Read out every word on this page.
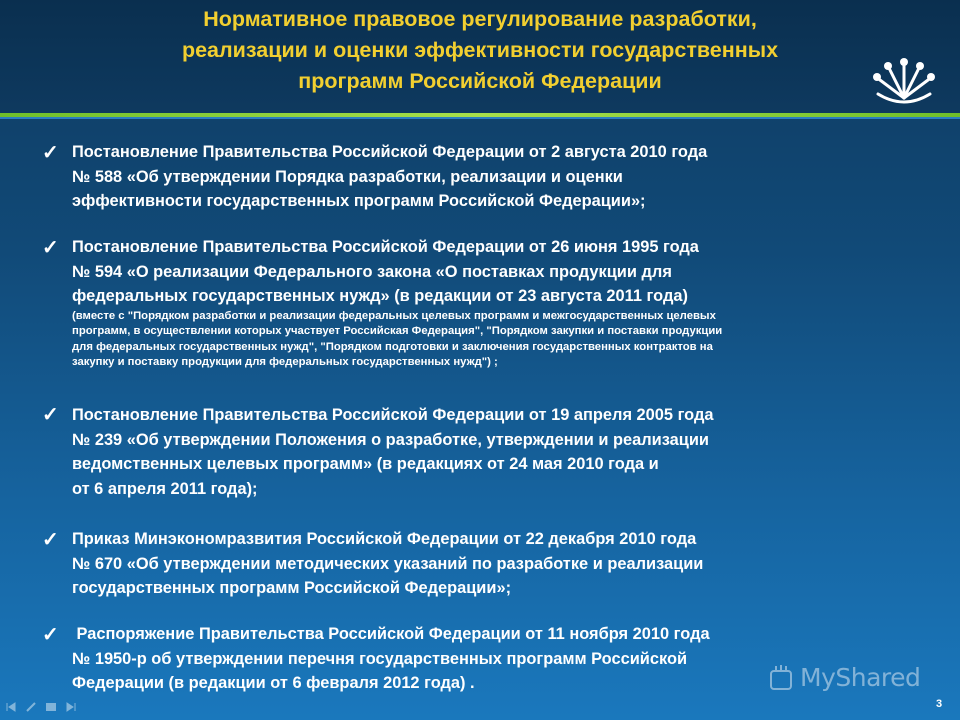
Нормативное правовое регулирование разработки,
реализации и оценки эффективности государственных
программ Российской Федерации
✓ Постановление Правительства Российской Федерации от 2 августа 2010 года
№ 588 «Об утверждении Порядка разработки, реализации и оценки
эффективности государственных программ Российской Федерации»;

✓ Постановление Правительства Российской Федерации от 26 июня 1995 года
№ 594 «О реализации Федерального закона «О поставках продукции для
федеральных государственных нужд» (в редакции от 23 августа 2011 года)

(вместе с "Порядком разработки и реализации федеральных целевых программ и межгосударственных целевых
программ, в осуществлении которых участвует Российская Федерация", "Порядком закупки и поставки продукции
для федеральных государственных нужд", "Порядком подготовки и заключения государственных контрактов на
закупку и поставку продукции для федеральных государственных нужд") ;

✓ Постановление Правительства Российской Федерации от 19 апреля 2005 года
№ 239 «Об утверждении Положения о разработке, утверждении и реализации
ведомственных целевых программ» (в редакциях от 24 мая 2010 года и
от 6 апреля 2011 года);

✓ Приказ Минэкономразвития Российской Федерации от 22 декабря 2010 года
№ 670 «Об утверждении методических указаний по разработке и реализации
государственных программ Российской Федерации»;

✓ Распоряжение Правительства Российской Федерации от 11 ноября 2010 года
№ 1950-р об утверждении перечня государственных программ Российской
Федерации (в редакции от 6 февраля 2012 года) .	MyShared
3
